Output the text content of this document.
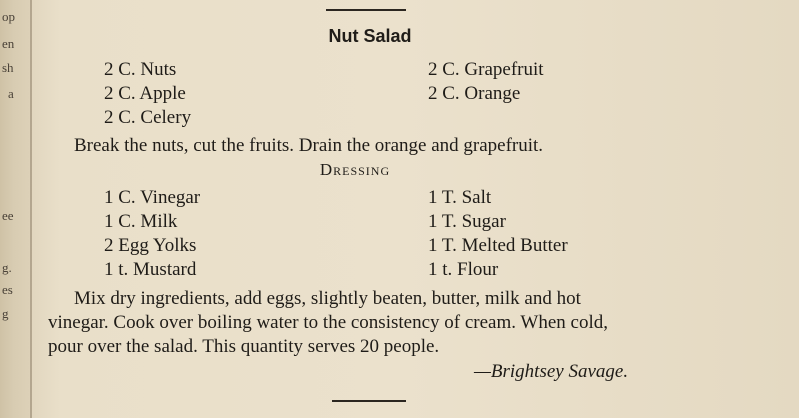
op
en
sh
a
ee
g.
es
g
Nut Salad
2 C. Nuts
2 C. Apple
2 C. Celery
2 C. Grapefruit
2 C. Orange
Break the nuts, cut the fruits. Drain the orange and grapefruit.
Dressing
1 C. Vinegar
1 C. Milk
2 Egg Yolks
1 t. Mustard
1 T. Salt
1 T. Sugar
1 T. Melted Butter
1 t. Flour
Mix dry ingredients, add eggs, slightly beaten, butter, milk and hot
vinegar. Cook over boiling water to the consistency of cream. When cold,
pour over the salad. This quantity serves 20 people.
—Brightsey Savage.
